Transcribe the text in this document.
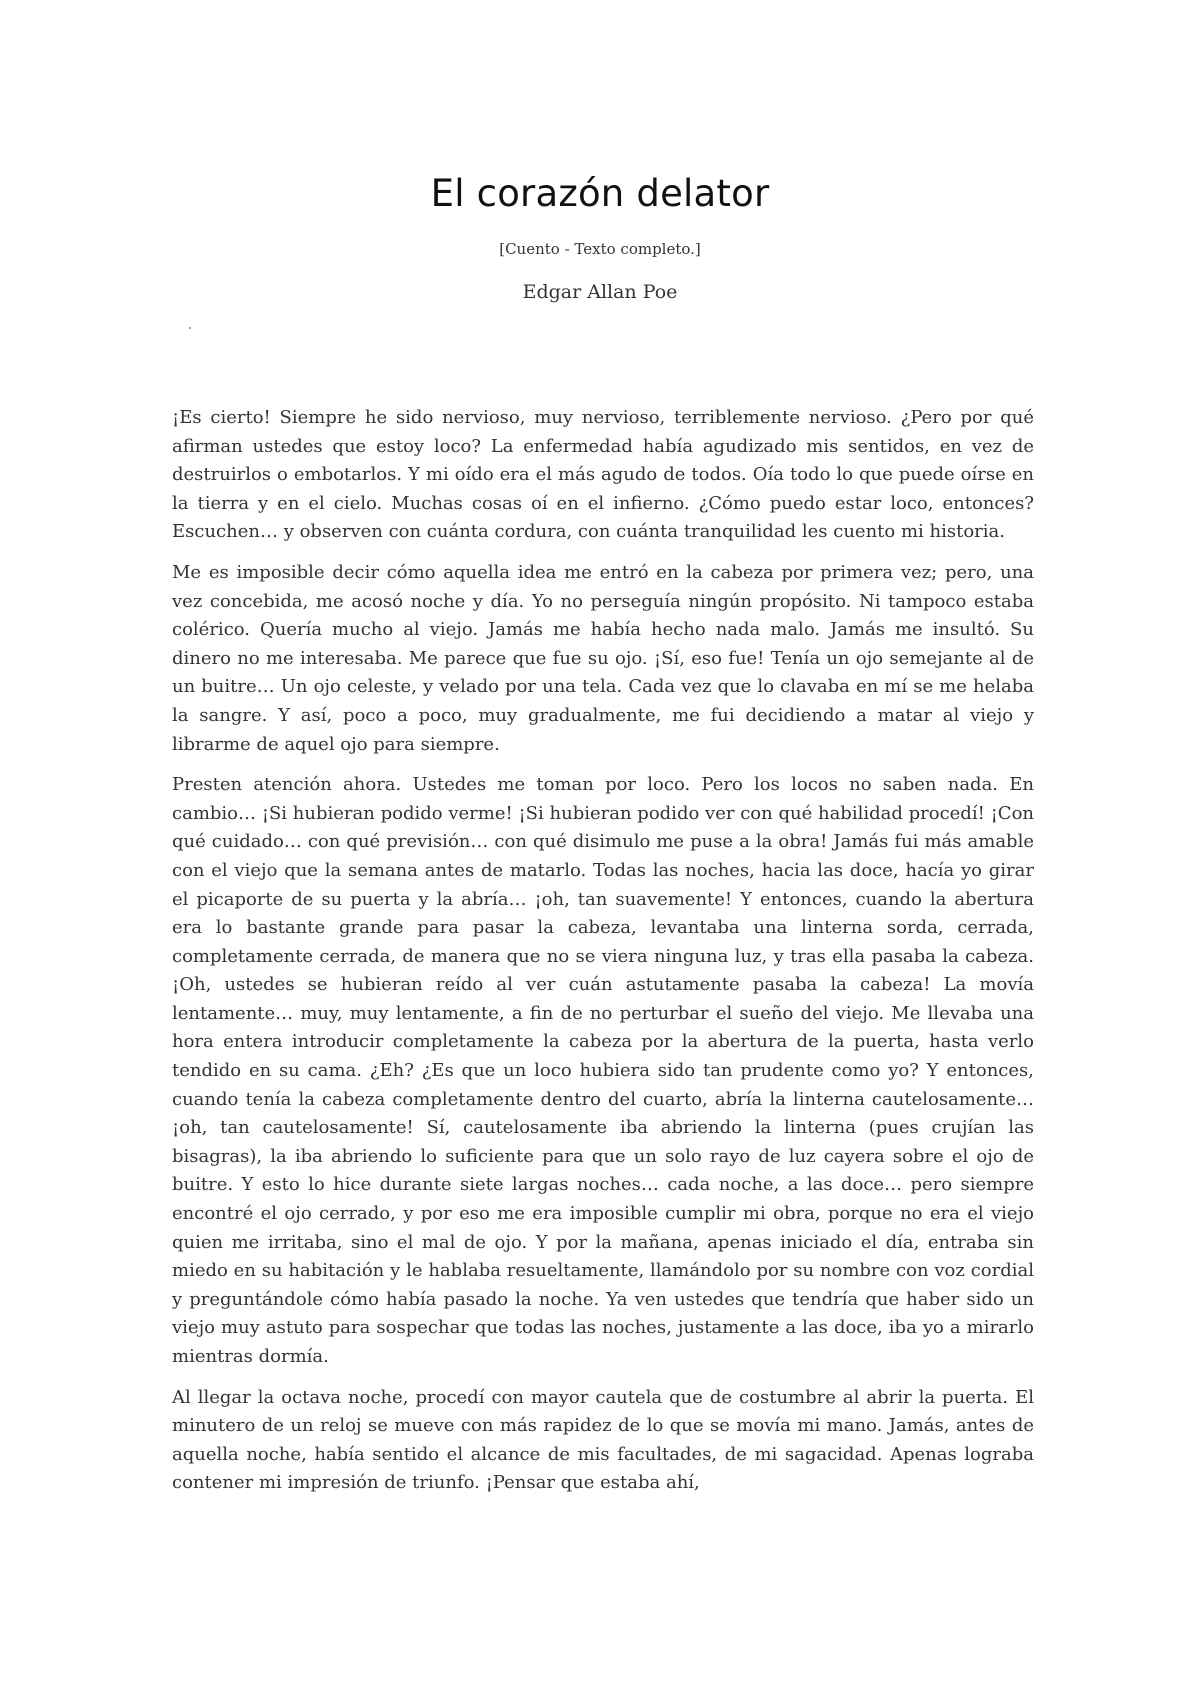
El corazón delator
[Cuento - Texto completo.]
Edgar Allan Poe

¡Es cierto! Siempre he sido nervioso, muy nervioso, terriblemente nervioso. ¿Pero por qué afirman ustedes que estoy loco? La enfermedad había agudizado mis sentidos, en vez de destruirlos o embotarlos. Y mi oído era el más agudo de todos. Oía todo lo que puede oírse en la tierra y en el cielo. Muchas cosas oí en el infierno. ¿Cómo puedo estar loco, entonces? Escuchen… y observen con cuánta cordura, con cuánta tranquilidad les cuento mi historia.

Me es imposible decir cómo aquella idea me entró en la cabeza por primera vez; pero, una vez concebida, me acosó noche y día. Yo no perseguía ningún propósito. Ni tampoco estaba colérico. Quería mucho al viejo. Jamás me había hecho nada malo. Jamás me insultó. Su dinero no me interesaba. Me parece que fue su ojo. ¡Sí, eso fue! Tenía un ojo semejante al de un buitre… Un ojo celeste, y velado por una tela. Cada vez que lo clavaba en mí se me helaba la sangre. Y así, poco a poco, muy gradualmente, me fui decidiendo a matar al viejo y librarme de aquel ojo para siempre.

Presten atención ahora. Ustedes me toman por loco. Pero los locos no saben nada. En cambio… ¡Si hubieran podido verme! ¡Si hubieran podido ver con qué habilidad procedí! ¡Con qué cuidado… con qué previsión… con qué disimulo me puse a la obra! Jamás fui más amable con el viejo que la semana antes de matarlo. Todas las noches, hacia las doce, hacía yo girar el picaporte de su puerta y la abría… ¡oh, tan suavemente! Y entonces, cuando la abertura era lo bastante grande para pasar la cabeza, levantaba una linterna sorda, cerrada, completamente cerrada, de manera que no se viera ninguna luz, y tras ella pasaba la cabeza. ¡Oh, ustedes se hubieran reído al ver cuán astutamente pasaba la cabeza! La movía lentamente… muy, muy lentamente, a fin de no perturbar el sueño del viejo. Me llevaba una hora entera introducir completamente la cabeza por la abertura de la puerta, hasta verlo tendido en su cama. ¿Eh? ¿Es que un loco hubiera sido tan prudente como yo? Y entonces, cuando tenía la cabeza completamente dentro del cuarto, abría la linterna cautelosamente… ¡oh, tan cautelosamente! Sí, cautelosamente iba abriendo la linterna (pues crujían las bisagras), la iba abriendo lo suficiente para que un solo rayo de luz cayera sobre el ojo de buitre. Y esto lo hice durante siete largas noches… cada noche, a las doce… pero siempre encontré el ojo cerrado, y por eso me era imposible cumplir mi obra, porque no era el viejo quien me irritaba, sino el mal de ojo. Y por la mañana, apenas iniciado el día, entraba sin miedo en su habitación y le hablaba resueltamente, llamándolo por su nombre con voz cordial y preguntándole cómo había pasado la noche. Ya ven ustedes que tendría que haber sido un viejo muy astuto para sospechar que todas las noches, justamente a las doce, iba yo a mirarlo mientras dormía.

Al llegar la octava noche, procedí con mayor cautela que de costumbre al abrir la puerta. El minutero de un reloj se mueve con más rapidez de lo que se movía mi mano. Jamás, antes de aquella noche, había sentido el alcance de mis facultades, de mi sagacidad. Apenas lograba contener mi impresión de triunfo. ¡Pensar que estaba ahí,
